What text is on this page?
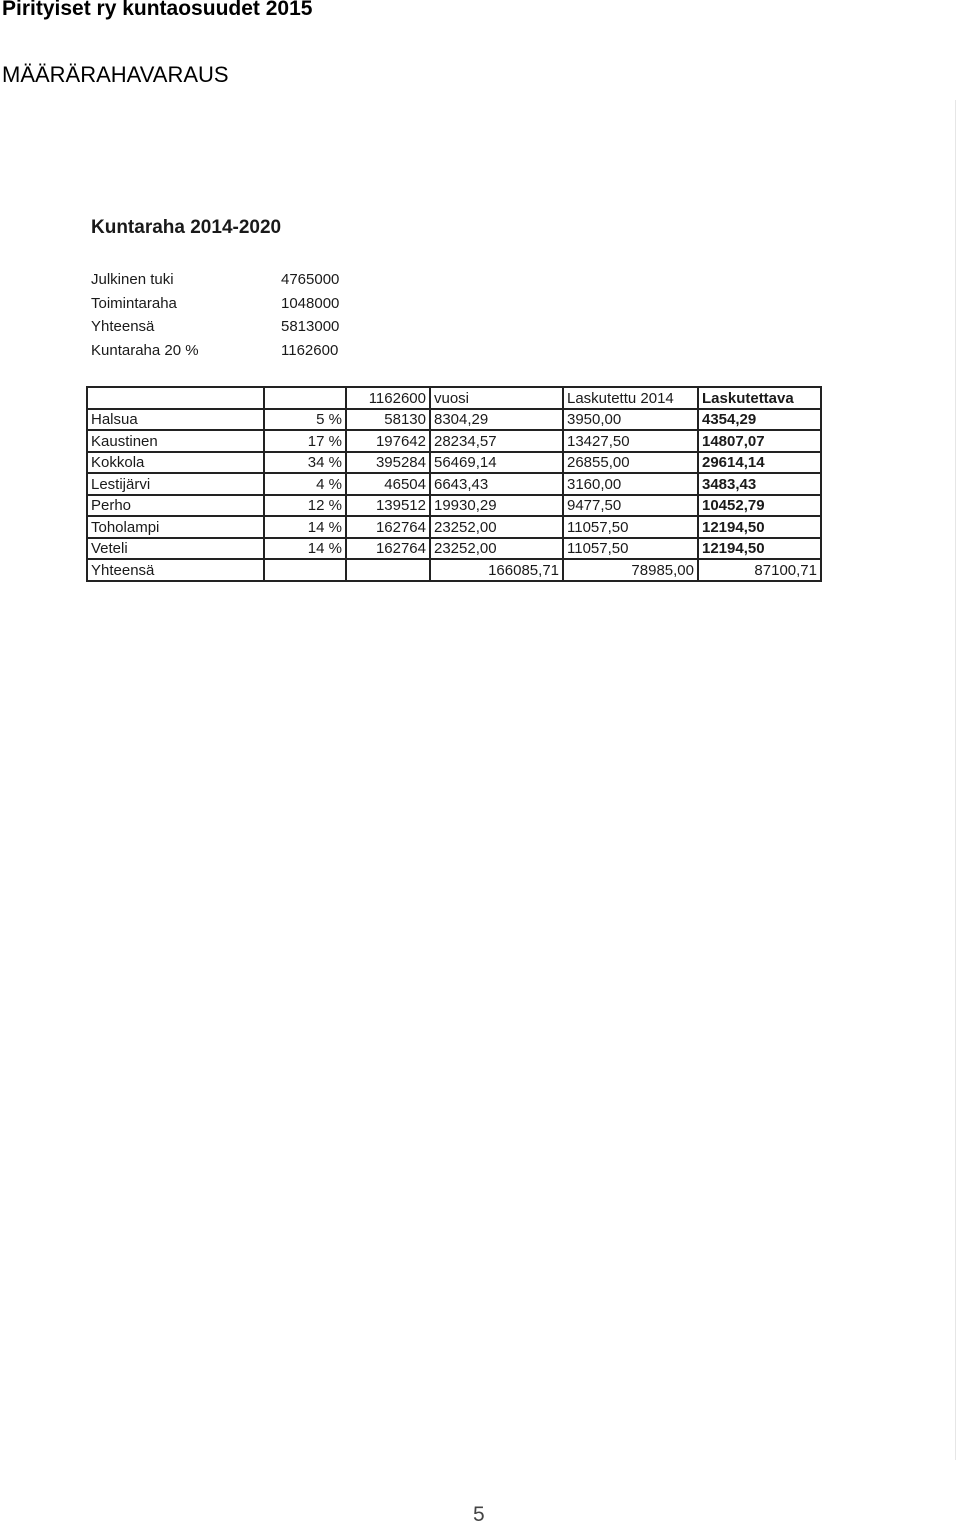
Pirityiset ry kuntaosuudet 2015
MÄÄRÄRAHAVARAUS
Kuntaraha 2014-2020
Julkinen tuki	4765000
Toimintaraha	1048000
Yhteensä	5813000
Kuntaraha 20 %	1162600
		1162600	vuosi	Laskutettu 2014	Laskutettava
Halsua	5 %	58130	8304,29	3950,00	4354,29
Kaustinen	17 %	197642	28234,57	13427,50	14807,07
Kokkola	34 %	395284	56469,14	26855,00	29614,14
Lestijärvi	4 %	46504	6643,43	3160,00	3483,43
Perho	12 %	139512	19930,29	9477,50	10452,79
Toholampi	14 %	162764	23252,00	11057,50	12194,50
Veteli	14 %	162764	23252,00	11057,50	12194,50
Yhteensä			166085,71	78985,00	87100,71
5
